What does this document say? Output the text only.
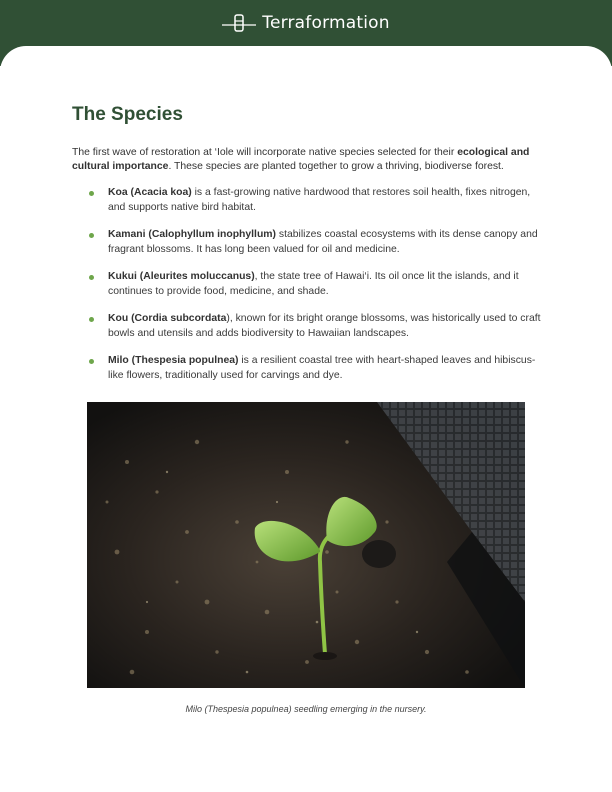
Terraformation
The Species

The first wave of restoration at ‘Iole will incorporate native species selected for their ecological and cultural importance. These species are planted together to grow a thriving, biodiverse forest.

Koa (Acacia koa) is a fast-growing native hardwood that restores soil health, fixes nitrogen, and supports native bird habitat.
Kamani (Calophyllum inophyllum) stabilizes coastal ecosystems with its dense canopy and fragrant blossoms. It has long been valued for oil and medicine.
Kukui (Aleurites moluccanus), the state tree of Hawai‘i. Its oil once lit the islands, and it continues to provide food, medicine, and shade.
Kou (Cordia subcordata), known for its bright orange blossoms, was historically used to craft bowls and utensils and adds biodiversity to Hawaiian landscapes.
Milo (Thespesia populnea) is a resilient coastal tree with heart-shaped leaves and hibiscus-like flowers, traditionally used for carvings and dye.
Milo (Thespesia populnea) seedling emerging in the nursery.
